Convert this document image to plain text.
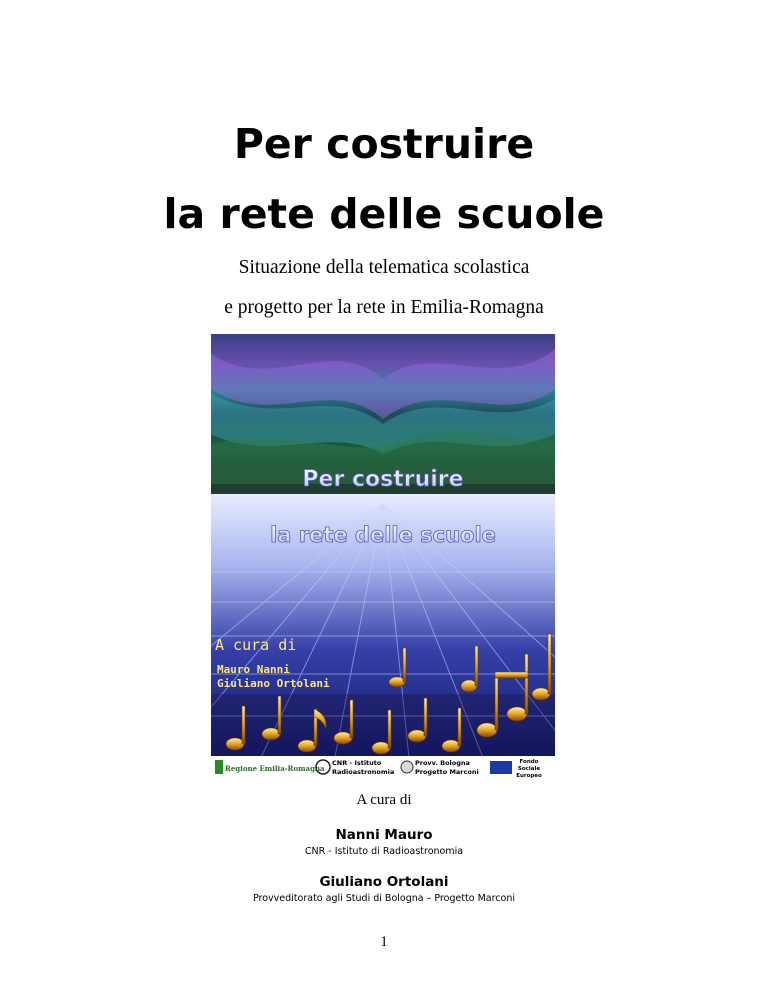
Per costruire
la rete delle scuole
Situazione della telematica scolastica
e progetto per la rete in Emilia-Romagna
Per costruire
la rete delle scuole
A cura di
Mauro Nanni
Giuliano Ortolani
Regione Emilia-Romagna
CNR - Istituto
Radioastronomia
Provv. Bologna
Progetto Marconi
Fondo
Sociale
Europeo
A cura di
Nanni Mauro
CNR - Istituto di Radioastronomia
Giuliano Ortolani
Provveditorato agli Studi di Bologna – Progetto Marconi
1
